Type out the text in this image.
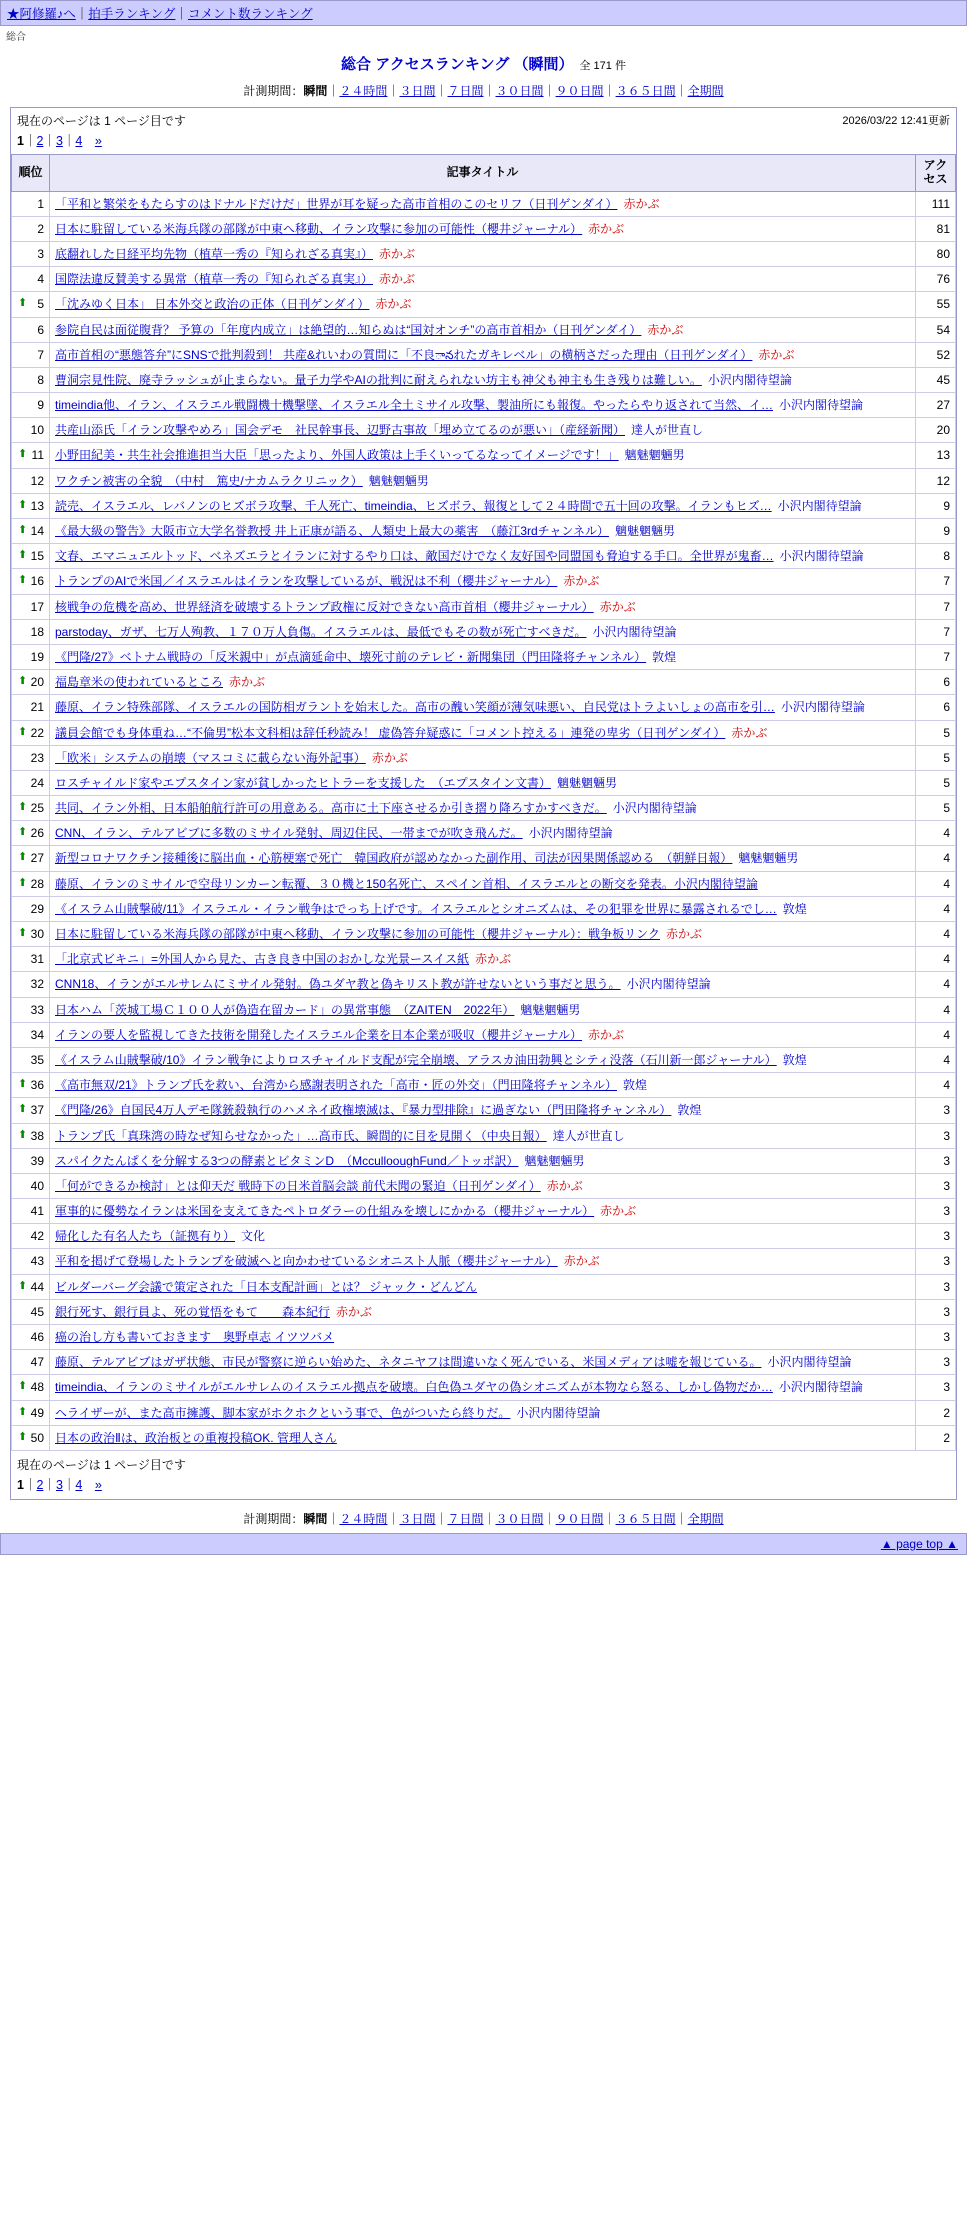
★阿修羅♪へ｜拍手ランキング｜コメント数ランキング
総合
総合 アクセスランキング （瞬間） 全 171 件
計測期間：瞬間｜２４時間｜３日間｜７日間｜３０日間｜９０日間｜３６５日間｜全期間
現在のページは 1 ページ目です	2026/03/22 12:41更新
1｜2｜3｜4　 »
順位	記事タイトル	アクセス
1	「平和と繁栄をもたらすのはドナルドだけだ」世界が耳を疑った高市首相のこのセリフ（日刊ゲンダイ） 赤かぶ	111
2	日本に駐留している米海兵隊の部隊が中東へ移動、イラン攻撃に参加の可能性（櫻井ジャーナル） 赤かぶ	81
3	底翻れした日経平均先物（植草一秀の『知られざる真実』） 赤かぶ	80
4	国際法違反賛美する異常（植草一秀の『知られざる真実』） 赤かぶ	76

⬆ 5	「沈みゆく日本」 日本外交と政治の正体（日刊ゲンダイ） 赤かぶ	55
6	参院自民は面従腹背？ 予算の「年度内成立」は絶望的…知らぬは“国対オンチ”の高市首相か（日刊ゲンダイ） 赤かぶ	54
7	高市首相の“悪態答弁”にSNSで批判殺到！ 共産&れいわの質問に「不良ానれたガキレベル」の横柄さだった理由（日刊ゲンダイ） 赤かぶ	52
8	曹洞宗見性院、廃寺ラッシュが止まらない。量子力学やAIの批判に耐えられない坊主も神父も神主も生き残りは難しい。 小沢内閣待望論	45
9	timeindia他、イラン、イスラエル戦闘機十機撃墜、イスラエル全土ミサイル攻撃、製油所にも報復。やったらやり返されて当然、イ… 小沢内閣待望論	27
10	共産山添氏「イラン攻撃やめろ」国会デモ　社民幹事長、辺野古事故「埋め立てるのが悪い」（産経新聞） 達人が世直し	20

⬆ 11	小野田紀美・共生社会推進担当大臣「思ったより、外国人政策は上手くいってるなってイメージです！」 魑魅魍魎男	13
12	ワクチン被害の全貌　（中村　篤史/ナカムラクリニック） 魑魅魍魎男	12

⬆ 13	読売、イスラエル、レバノンのヒズボラ攻撃、千人死亡、timeindia、ヒズボラ、報復として２４時間で五十回の攻撃。イランもヒズ… 小沢内閣待望論	9

⬆ 14	《最大級の警告》大阪市立大学名誉教授 井上正康が語る、人類史上最大の薬害　（藤江3rdチャンネル） 魑魅魍魎男	9

⬆ 15	文春、エマニュエルトッド、ベネズエラとイランに対するやり口は、敵国だけでなく友好国や同盟国も脅迫する手口。全世界が鬼畜… 小沢内閣待望論	8

⬆ 16	トランプのAIで米国／イスラエルはイランを攻撃しているが、戦況は不利（櫻井ジャーナル） 赤かぶ	7
17	核戦争の危機を高め、世界経済を破壊するトランプ政権に反対できない高市首相（櫻井ジャーナル） 赤かぶ	7
18	parstoday、ガザ、七万人殉教、１７０万人負傷。イスラエルは、最低でもその数が死亡すべきだ。 小沢内閣待望論	7
19	《門隆/27》ベトナム戦時の「反米親中」が点滴延命中、壊死寸前のテレビ・新聞集団（門田隆将チャンネル） 敦煌	7

⬆ 20	福島章米の使われているところ 赤かぶ	6
21	藤原、イラン特殊部隊、イスラエルの国防相ガラントを始末した。高市の醜い笑顔が薄気味悪い、自民党はトラよいしょの高市を引… 小沢内閣待望論	6

⬆ 22	議員会館でも身体重ね…“不倫男”松本文科相は辞任秒読み！ 虚偽答弁疑惑に「コメント控える」連発の卑劣（日刊ゲンダイ） 赤かぶ	5
23	「欧米」システムの崩壊（マスコミに載らない海外記事） 赤かぶ	5
24	ロスチャイルド家やエプスタイン家が貧しかったヒトラーを支援した　（エプスタイン文書） 魑魅魍魎男	5

⬆ 25	共同、イラン外相、日本船舶航行許可の用意ある。高市に土下座させるか引き摺り降ろすかすべきだ。 小沢内閣待望論	5

⬆ 26	CNN、イラン、テルアビブに多数のミサイル発射、周辺住民、一帯までが吹き飛んだ。 小沢内閣待望論	4

⬆ 27	新型コロナワクチン接種後に脳出血・心筋梗塞で死亡　韓国政府が認めなかった副作用、司法が因果関係認める　（朝鮮日報） 魑魅魍魎男	4

⬆ 28	藤原、イランのミサイルで空母リンカーン転覆、３０機と150名死亡、スペイン首相、イスラエルとの断交を発表。小沢内閣待望論	4
29	《イスラム山賊撃破/11》イスラエル・イラン戦争はでっち上げです。イスラエルとシオニズムは、その犯罪を世界に暴露されるでし… 敦煌	4

⬆ 30	日本に駐留している米海兵隊の部隊が中東へ移動、イラン攻撃に参加の可能性（櫻井ジャーナル）：戦争板リンク 赤かぶ	4
31	「北京式ビキニ」=外国人から見た、古き良き中国のおかしな光景ースイス紙 赤かぶ	4
32	CNN18、イランがエルサレムにミサイル発射。偽ユダヤ教と偽キリスト教が許せないという事だと思う。 小沢内閣待望論	4
33	日本ハム「茨城工場Ｃ１００人が偽造在留カード」の異常事態　（ZAITEN　2022年） 魑魅魍魎男	4
34	イランの要人を監視してきた技術を開発したイスラエル企業を日本企業が吸収（櫻井ジャーナル） 赤かぶ	4
35	《イスラム山賊撃破/10》イラン戦争によりロスチャイルド支配が完全崩壊、アラスカ油田勃興とシティ没落（石川新一郎ジャーナル） 敦煌	4

⬆ 36	《高市無双/21》トランプ氏を救い、台湾から感謝表明された「高市・匠の外交」（門田隆将チャンネル） 敦煌	4

⬆ 37	《門隆/26》自国民4万人デモ隊銃殺執行のハメネイ政権壊滅は、『暴力型排除』に過ぎない（門田隆将チャンネル） 敦煌	3

⬆ 38	トランプ氏「真珠湾の時なぜ知らせなかった」…高市氏、瞬間的に目を見開く（中央日報） 達人が世直し	3
39	スパイクたんぱくを分解する3つの酵素とビタミンD　（MccullooughFund／トッポ訳） 魑魅魍魎男	3
40	「何ができるか検討」とは仰天だ 戦時下の日米首脳会談 前代未聞の緊迫（日刊ゲンダイ） 赤かぶ	3
41	軍事的に優勢なイランは米国を支えてきたペトロダラーの仕組みを壊しにかかる（櫻井ジャーナル） 赤かぶ	3
42	帰化した有名人たち（証拠有り） 文化	3
43	平和を掲げて登場したトランプを破滅へと向かわせているシオニスト人脈（櫻井ジャーナル） 赤かぶ	3

⬆ 44	ビルダーバーグ会議で策定された「日本支配計画」とは？ ジャック・どんどん	3
45	銀行死す、銀行員よ、死の覚悟をもて　　森本紀行 赤かぶ	3
46	癌の治し方も書いておきます　奥野卓志 イツツバメ	3
47	藤原、テルアビブはガザ状態、市民が警察に逆らい始めた、ネタニヤフは間違いなく死んでいる、米国メディアは嘘を報じている。 小沢内閣待望論	3

⬆ 48	timeindia、イランのミサイルがエルサレムのイスラエル拠点を破壊。白色偽ユダヤの偽シオニズムが本物なら怒る、しかし偽物だか… 小沢内閣待望論	3

⬆ 49	ヘライザーが、また高市擁護、脚本家がホクホクという事で、色がついたら終りだ。 小沢内閣待望論	2

⬆ 50	日本の政治Ⅱは、政治板との重複投稿OK. 管理人さん	2
現在のページは 1 ページ目です
1｜2｜3｜4　 »
計測期間：瞬間｜２４時間｜３日間｜７日間｜３０日間｜９０日間｜３６５日間｜全期間
▲ page top ▲
